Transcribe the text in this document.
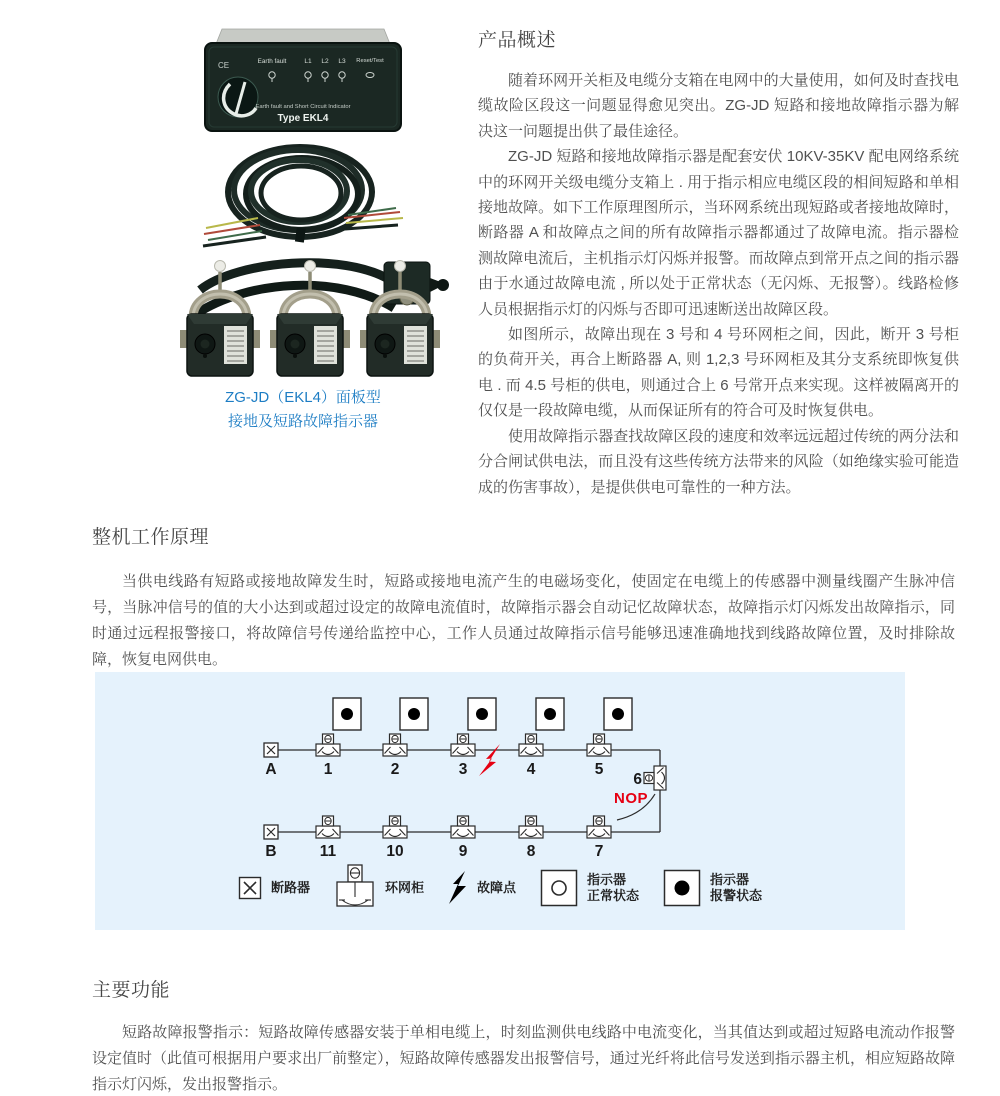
CE	Earth fault	L1 L2 L3 Reset/Test
Earth fault and Short Circuit Indicator
Type EKL4
ZG-JD（EKL4）面板型
接地及短路故障指示器
产品概述

随着环网开关柜及电缆分支箱在电网中的大量使用，如何及时查找电缆故险区段这一问题显得愈见突出。ZG-JD 短路和接地故障指示器为解决这一问题提出供了最佳途径。

ZG-JD 短路和接地故障指示器是配套安伏 10KV-35KV 配电网络系统中的环网开关级电缆分支箱上 . 用于指示相应电缆区段的相间短路和单相接地故障。如下工作原理图所示，当环网系统出现短路或者接地故障时，断路器 A 和故障点之间的所有故障指示器都通过了故障电流。指示器检测故障电流后，主机指示灯闪烁并报警。而故障点到常开点之间的指示器由于水通过故障电流 , 所以处于正常状态（无闪烁、无报警）。线路检修人员根据指示灯的闪烁与否即可迅速断送出故障区段。

如图所示，故障出现在 3 号和 4 号环网柜之间，因此，断开 3 号柜的负荷开关，再合上断路器 A, 则 1,2,3 号环网柜及其分支系统即恢复供电 . 而 4.5 号柜的供电，则通过合上 6 号常开点来实现。这样被隔离开的仅仅是一段故障电缆，从而保证所有的符合可及时恢复供电。

使用故障指示器查找故障区段的速度和效率远远超过传统的两分法和分合闸试供电法，而且没有这些传统方法带来的风险（如绝缘实验可能造成的伤害事故），是提供供电可靠性的一种方法。

整机工作原理

当供电线路有短路或接地故障发生时，短路或接地电流产生的电磁场变化，使固定在电缆上的传感器中测量线圈产生脉冲信号，当脉冲信号的值的大小达到或超过设定的故障电流值时，故障指示器会自动记忆故障状态，故障指示灯闪烁发出故障指示，同时通过远程报警接口，将故障信号传递给监控中心，工作人员通过故障指示信号能够迅速准确地找到线路故障位置，及时排除故障，恢复电网供电。

A	1	2	3	4	5
B	11	10	9	8	7
6
NOP
断路器	环网柜	故障点
指示器
正常状态
指示器
报警状态
主要功能

短路故障报警指示：短路故障传感器安装于单相电缆上，时刻监测供电线路中电流变化，当其值达到或超过短路电流动作报警设定值时（此值可根据用户要求出厂前整定），短路故障传感器发出报警信号，通过光纤将此信号发送到指示器主机，相应短路故障指示灯闪烁，发出报警指示。
